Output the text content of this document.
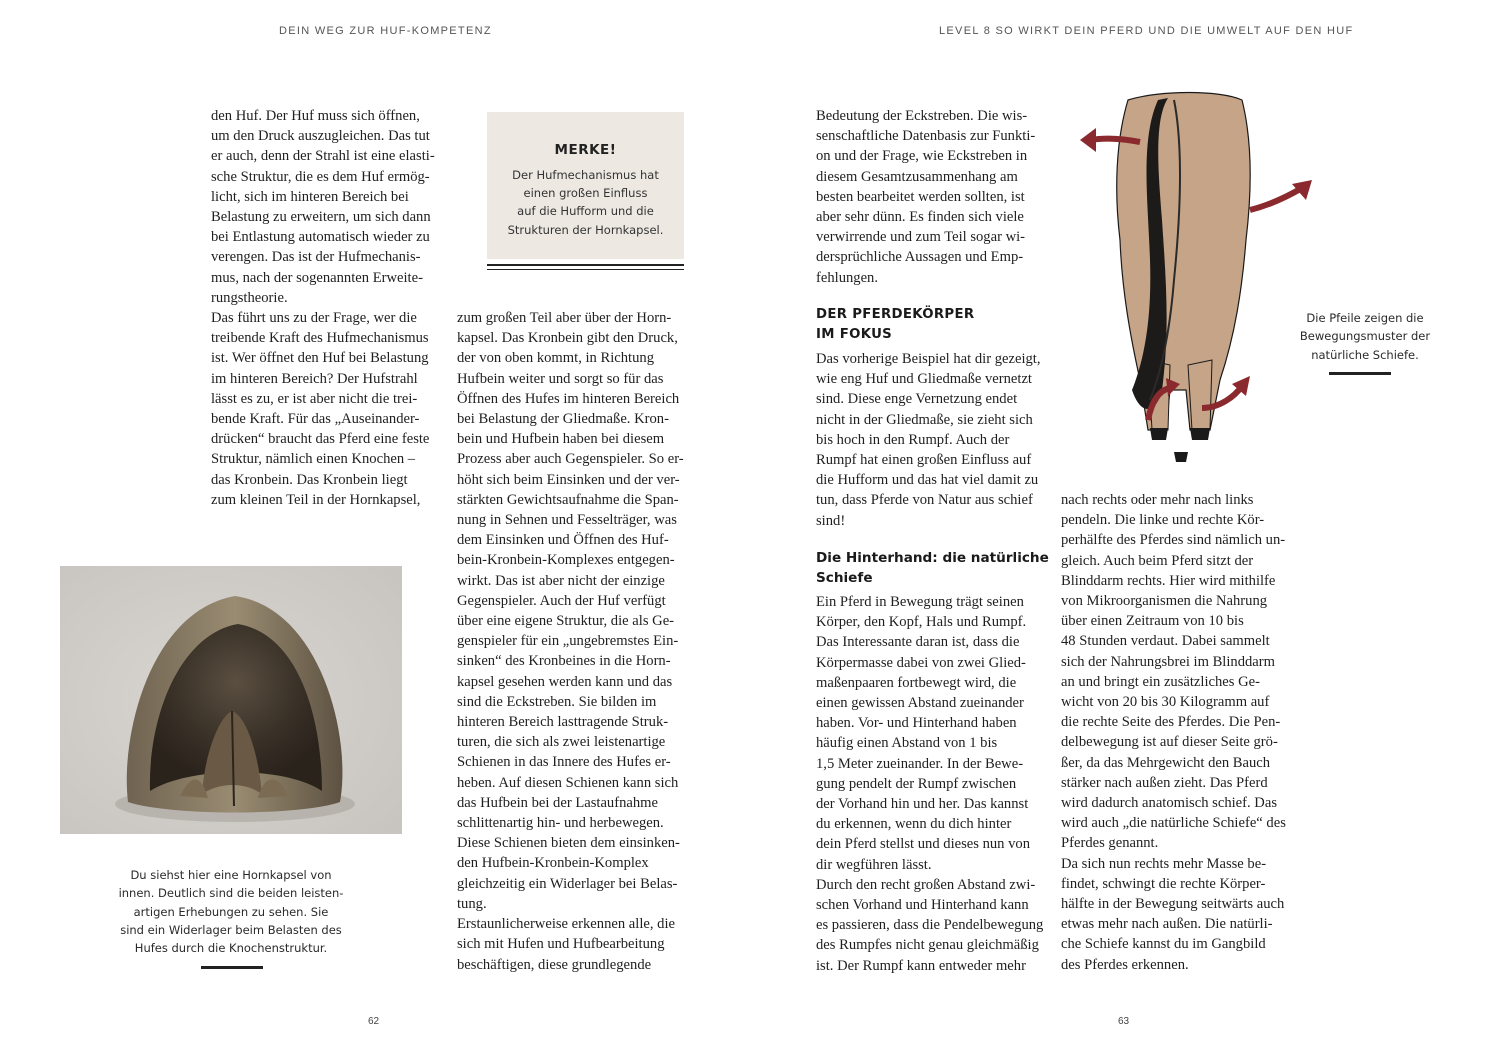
DEIN WEG ZUR HUF-KOMPETENZ	LEVEL 8 SO WIRKT DEIN PFERD UND DIE UMWELT AUF DEN HUF
den Huf. Der Huf muss sich öffnen,
um den Druck auszugleichen. Das tut
er auch, denn der Strahl ist eine elasti-
sche Struktur, die es dem Huf ermög-
licht, sich im hinteren Bereich bei
Belastung zu erweitern, um sich dann
bei Entlastung automatisch wieder zu
verengen. Das ist der Hufmechanis-
mus, nach der sogenannten Erweite-
rungstheorie.
Das führt uns zu der Frage, wer die
treibende Kraft des Hufmechanismus
ist. Wer öffnet den Huf bei Belastung
im hinteren Bereich? Der Hufstrahl
lässt es zu, er ist aber nicht die trei-
bende Kraft. Für das „Auseinander-
drücken“ braucht das Pferd eine feste
Struktur, nämlich einen Knochen –
das Kronbein. Das Kronbein liegt
zum kleinen Teil in der Hornkapsel,
MERKE!
Der Hufmechanismus hat
einen großen Einfluss
auf die Hufform und die
Strukturen der Hornkapsel.
zum großen Teil aber über der Horn-
kapsel. Das Kronbein gibt den Druck,
der von oben kommt, in Richtung
Hufbein weiter und sorgt so für das
Öffnen des Hufes im hinteren Bereich
bei Belastung der Gliedmaße. Kron-
bein und Hufbein haben bei diesem
Prozess aber auch Gegenspieler. So er-
höht sich beim Einsinken und der ver-
stärkten Gewichtsaufnahme die Span-
nung in Sehnen und Fesselträger, was
dem Einsinken und Öffnen des Huf-
bein-Kronbein-Komplexes entgegen-
wirkt. Das ist aber nicht der einzige
Gegenspieler. Auch der Huf verfügt
über eine eigene Struktur, die als Ge-
genspieler für ein „ungebremstes Ein-
sinken“ des Kronbeines in die Horn-
kapsel gesehen werden kann und das
sind die Eckstreben. Sie bilden im
hinteren Bereich lasttragende Struk-
turen, die sich als zwei leistenartige
Schienen in das Innere des Hufes er-
heben. Auf diesen Schienen kann sich
das Hufbein bei der Lastaufnahme
schlittenartig hin- und herbewegen.
Diese Schienen bieten dem einsinken-
den Hufbein-Kronbein-Komplex
gleichzeitig ein Widerlager bei Belas-
tung.
Erstaunlicherweise erkennen alle, die
sich mit Hufen und Hufbearbeitung
beschäftigen, diese grundlegende
Du siehst hier eine Hornkapsel von
innen. Deutlich sind die beiden leisten-
artigen Erhebungen zu sehen. Sie
sind ein Widerlager beim Belasten des
Hufes durch die Knochenstruktur.
Bedeutung der Eckstreben. Die wis-
senschaftliche Datenbasis zur Funkti-
on und der Frage, wie Eckstreben in
diesem Gesamtzusammenhang am
besten bearbeitet werden sollten, ist
aber sehr dünn. Es finden sich viele
verwirrende und zum Teil sogar wi-
dersprüchliche Aussagen und Emp-
fehlungen.
DER PFERDEKÖRPER
IM FOKUS
Das vorherige Beispiel hat dir gezeigt,
wie eng Huf und Gliedmaße vernetzt
sind. Diese enge Vernetzung endet
nicht in der Gliedmaße, sie zieht sich
bis hoch in den Rumpf. Auch der
Rumpf hat einen großen Einfluss auf
die Hufform und das hat viel damit zu
tun, dass Pferde von Natur aus schief
sind!
Die Hinterhand: die natürliche
Schiefe
Ein Pferd in Bewegung trägt seinen
Körper, den Kopf, Hals und Rumpf.
Das Interessante daran ist, dass die
Körpermasse dabei von zwei Glied-
maßenpaaren fortbewegt wird, die
einen gewissen Abstand zueinander
haben. Vor- und Hinterhand haben
häufig einen Abstand von 1 bis
1,5 Meter zueinander. In der Bewe-
gung pendelt der Rumpf zwischen
der Vorhand hin und her. Das kannst
du erkennen, wenn du dich hinter
dein Pferd stellst und dieses nun von
dir wegführen lässt.
Durch den recht großen Abstand zwi-
schen Vorhand und Hinterhand kann
es passieren, dass die Pendelbewegung
des Rumpfes nicht genau gleichmäßig
ist. Der Rumpf kann entweder mehr
nach rechts oder mehr nach links
pendeln. Die linke und rechte Kör-
perhälfte des Pferdes sind nämlich un-
gleich. Auch beim Pferd sitzt der
Blinddarm rechts. Hier wird mithilfe
von Mikroorganismen die Nahrung
über einen Zeitraum von 10 bis
48 Stunden verdaut. Dabei sammelt
sich der Nahrungsbrei im Blinddarm
an und bringt ein zusätzliches Ge-
wicht von 20 bis 30 Kilogramm auf
die rechte Seite des Pferdes. Die Pen-
delbewegung ist auf dieser Seite grö-
ßer, da das Mehrgewicht den Bauch
stärker nach außen zieht. Das Pferd
wird dadurch anatomisch schief. Das
wird auch „die natürliche Schiefe“ des
Pferdes genannt.
Da sich nun rechts mehr Masse be-
findet, schwingt die rechte Körper-
hälfte in der Bewegung seitwärts auch
etwas mehr nach außen. Die natürli-
che Schiefe kannst du im Gangbild
des Pferdes erkennen.
Die Pfeile zeigen die
Bewegungsmuster der
natürliche Schiefe.
62	63
